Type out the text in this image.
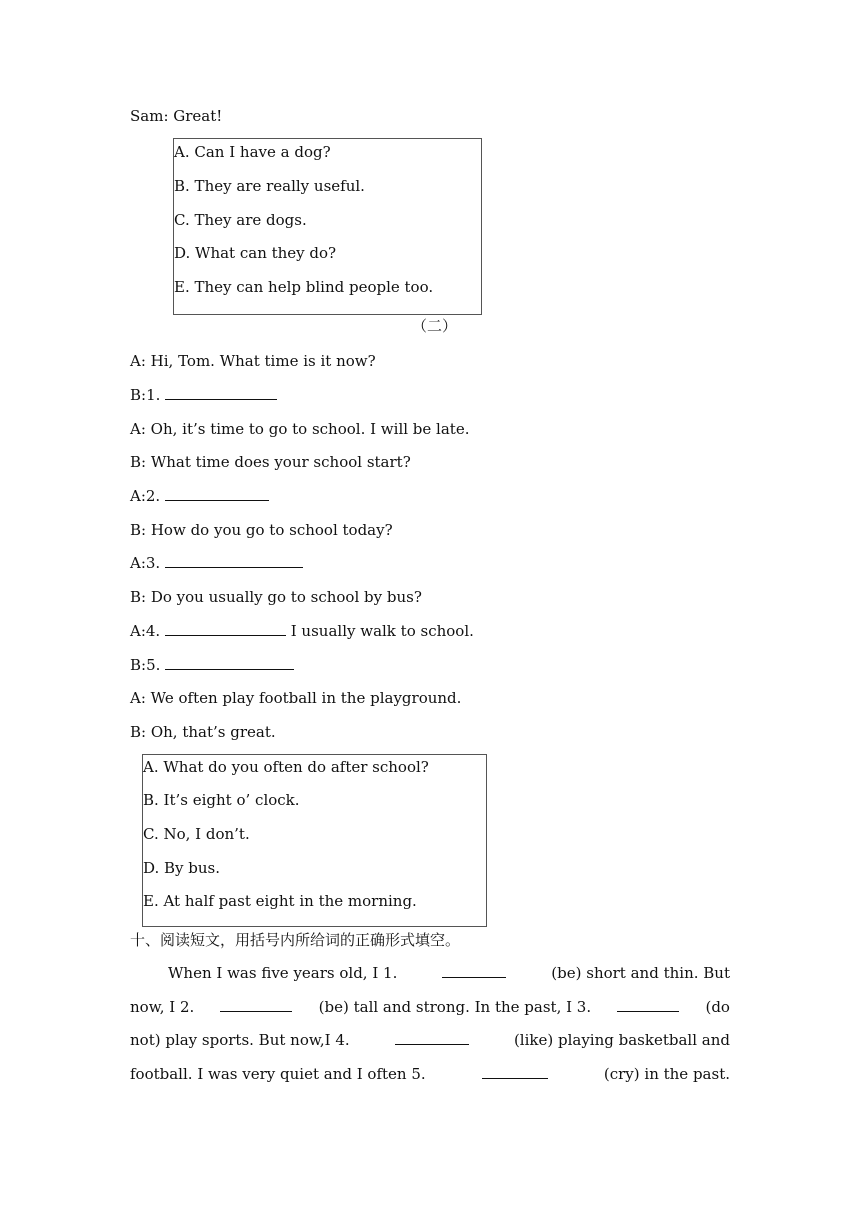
Sam: Great!
A. Can I have a dog?
B. They are really useful.
C. They are dogs.
D. What can they do?
E. They can help blind people too.
（二）
A: Hi, Tom. What time is it now?
B:1.
A: Oh, it’s time to go to school. I will be late.
B: What time does your school start?
A:2.
B: How do you go to school today?
A:3.
B: Do you usually go to school by bus?
A:4.	I usually walk to school.
B:5.
A: We often play football in the playground.
B: Oh, that’s great.
A. What do you often do after school?
B. It’s eight o’ clock.
C. No, I don’t.
D. By bus.
E. At half past eight in the morning.
十、阅读短文，用括号内所给词的正确形式填空。
When I was five years old, I 1.	(be) short and thin. But
now, I 2.	(be) tall and strong. In the past, I 3.	(do
not) play sports. But now,I 4.	(like) playing basketball and
football. I was very quiet and I often 5.	(cry) in the past.
